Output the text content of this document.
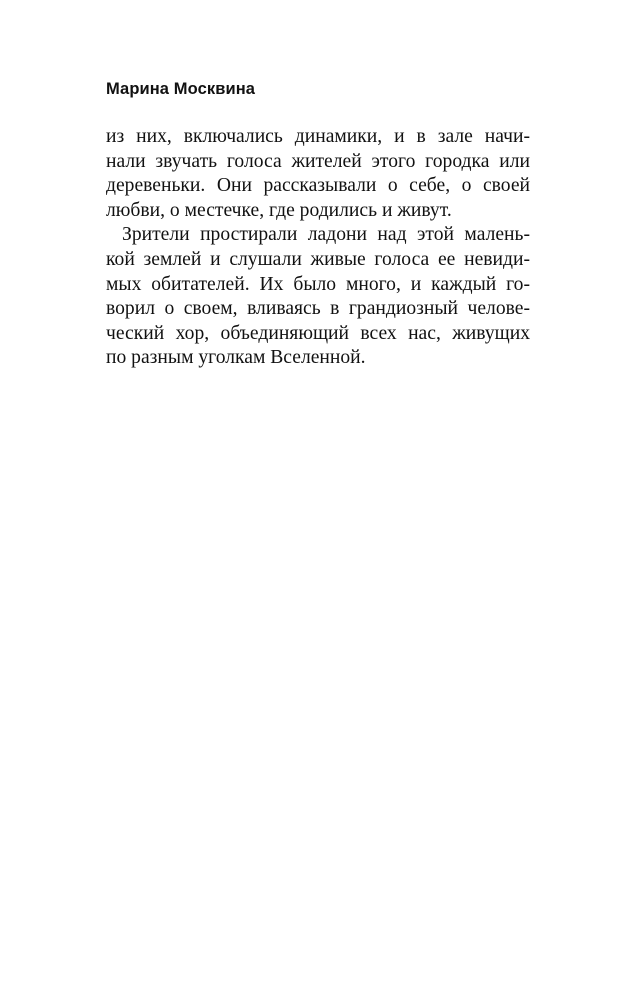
Марина Москвина
из них, включались динамики, и в зале начи-
нали звучать голоса жителей этого городка или
деревеньки. Они рассказывали о себе, о своей
любви, о местечке, где родились и живут.
Зрители простирали ладони над этой малень-
кой землей и слушали живые голоса ее невиди-
мых обитателей. Их было много, и каждый го-
ворил о своем, вливаясь в грандиозный челове-
ческий хор, объединяющий всех нас, живущих
по разным уголкам Вселенной.
